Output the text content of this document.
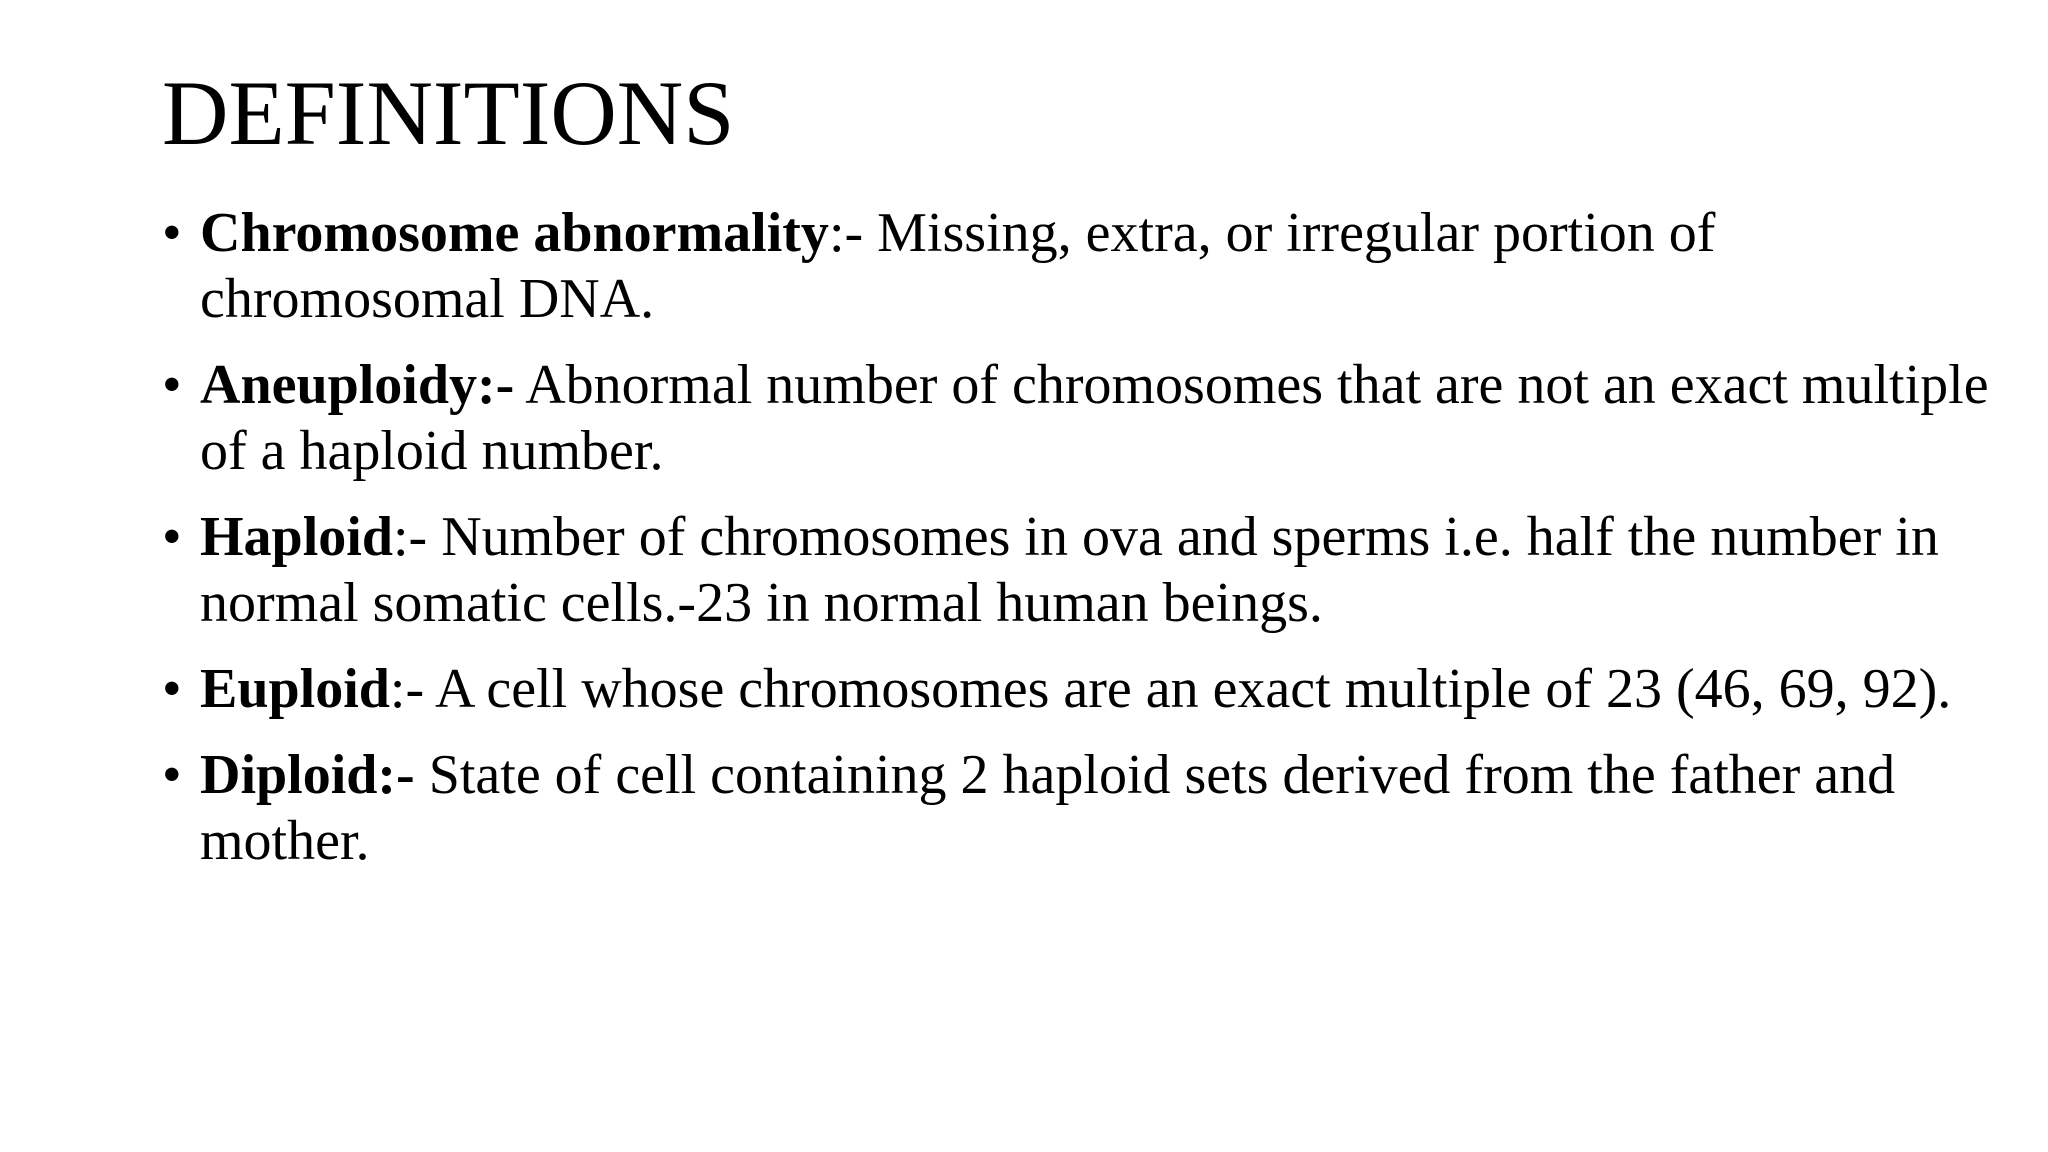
DEFINITIONS
• Chromosome abnormality:- Missing, extra, or irregular portion of chromosomal DNA.
• Aneuploidy:- Abnormal number of chromosomes that are not an exact multiple of a haploid number.
• Haploid:- Number of chromosomes in ova and sperms i.e. half the number in normal somatic cells.-23 in normal human beings.
• Euploid:- A cell whose chromosomes are an exact multiple of 23 (46, 69, 92).
• Diploid:- State of cell containing 2 haploid sets derived from the father and mother.
